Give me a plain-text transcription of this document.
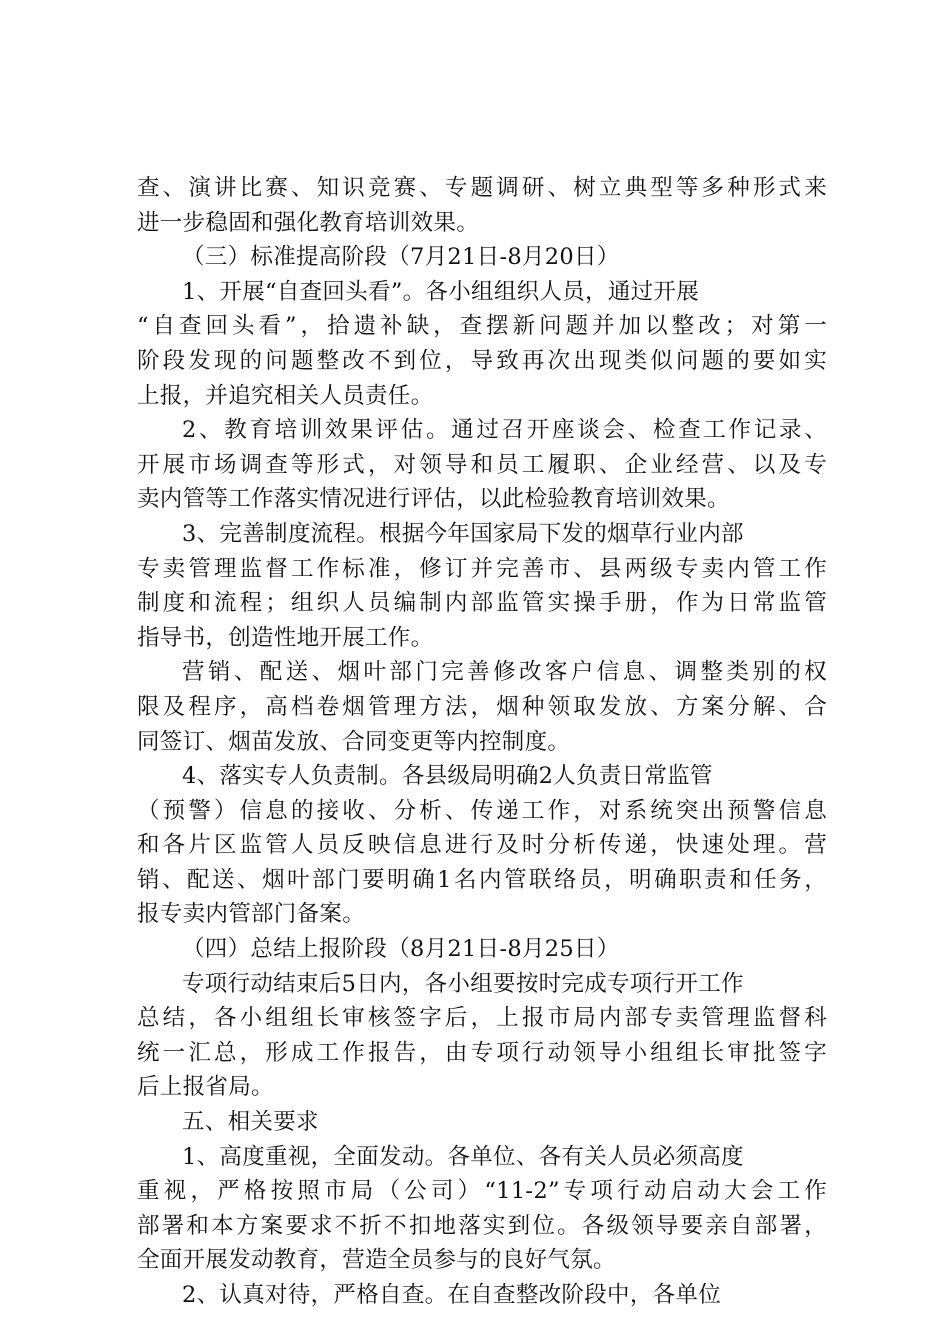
查、演讲比赛、知识竞赛、专题调研、树立典型等多种形式来
进一步稳固和强化教育培训效果。
（三）标准提高阶段（7月21日-8月20日）
1、开展“自查回头看”。各小组组织人员，通过开展
“自查回头看”，拾遗补缺，查摆新问题并加以整改；对第一
阶段发现的问题整改不到位，导致再次出现类似问题的要如实
上报，并追究相关人员责任。
2、教育培训效果评估。通过召开座谈会、检查工作记录、
开展市场调查等形式，对领导和员工履职、企业经营、以及专
卖内管等工作落实情况进行评估，以此检验教育培训效果。
3、完善制度流程。根据今年国家局下发的烟草行业内部
专卖管理监督工作标准，修订并完善市、县两级专卖内管工作
制度和流程；组织人员编制内部监管实操手册，作为日常监管
指导书，创造性地开展工作。
营销、配送、烟叶部门完善修改客户信息、调整类别的权
限及程序，高档卷烟管理方法，烟种领取发放、方案分解、合
同签订、烟苗发放、合同变更等内控制度。
4、落实专人负责制。各县级局明确2人负责日常监管
（预警）信息的接收、分析、传递工作，对系统突出预警信息
和各片区监管人员反映信息进行及时分析传递，快速处理。营
销、配送、烟叶部门要明确1名内管联络员，明确职责和任务，
报专卖内管部门备案。
（四）总结上报阶段（8月21日-8月25日）
专项行动结束后5日内，各小组要按时完成专项行开工作
总结，各小组组长审核签字后，上报市局内部专卖管理监督科
统一汇总，形成工作报告，由专项行动领导小组组长审批签字
后上报省局。
五、相关要求
1、高度重视，全面发动。各单位、各有关人员必须高度
重视，严格按照市局（公司）“11-2”专项行动启动大会工作
部署和本方案要求不折不扣地落实到位。各级领导要亲自部署，
全面开展发动教育，营造全员参与的良好气氛。
2、认真对待，严格自查。在自查整改阶段中，各单位
